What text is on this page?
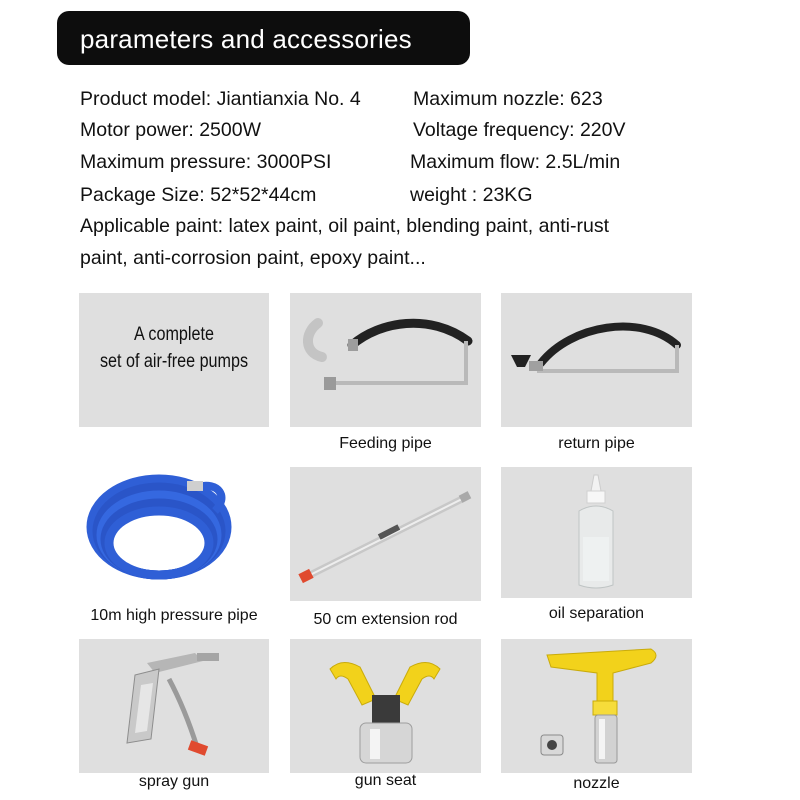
parameters and accessories
Product model: Jiantianxia No. 4	Maximum nozzle: 623
Motor power: 2500W	Voltage frequency: 220V
Maximum pressure: 3000PSI	Maximum flow: 2.5L/min
Package Size: 52*52*44cm	weight : 23KG
Applicable paint: latex paint, oil paint, blending paint, anti-rust
paint, anti-corrosion paint, epoxy paint...
A complete
set of air-free pumps
Feeding pipe	return pipe
10m high pressure pipe	50 cm extension rod	oil separation
spray gun	gun seat	nozzle
